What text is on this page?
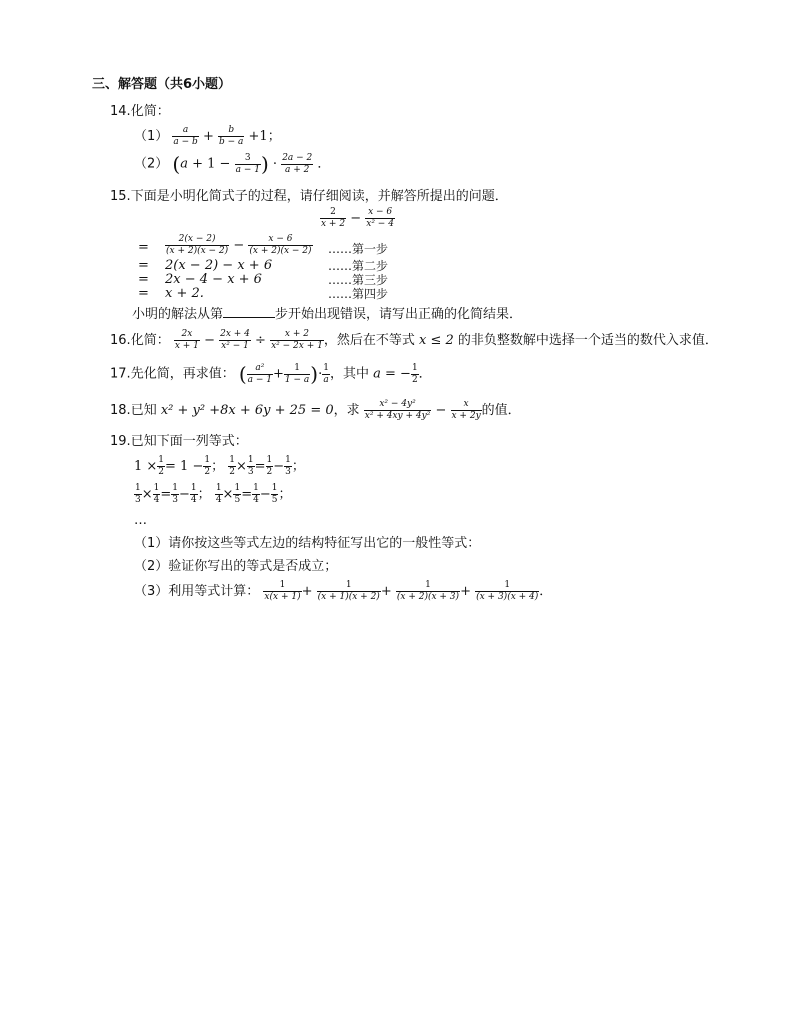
三、解答题（共6小题）
14.化简：
$(1) \frac{a}{a - b} + \frac{b}{b - a} +1$；
（2） ($a + 1 - \frac{3}{a - 1}$ ) · $\frac{2a - 2}{a + 2}$ ．
15.下面是小明化简式子的过程，请仔细阅读，并解答所提出的问题．
$\frac{2}{x + 2} - \frac{x - 6}{\text{x² − 4}}$
= $\frac{2(x - 2)}{(x + 2)(x - 2)} - \frac{x - 6}{(x + 2)(x - 2)}$ ……第一步
= 2(x − 2) − x + 6	……第二步
= 2x − 4 − x + 6	……第三步
= x + 2.	……第四步
小明的解法从第	步开始出现错误，请写出正确的化简结果．
16.化简： $\frac{2x}{x + 1} - \frac{2x + 4}{\text{x² − 1}} \div \frac{x + 2}{\text{x² − 2x + 1}}$ ，然后在不等式 x ≤ 2 的非负整数解中选择一个适当的数代入求值．
17.先化简，再求值： ( $\frac{\text{a²}}{a - 1} + \frac{1}{1 - a}$ )· $\frac{1}{a}$ ，其中 a = − $\frac{1}{2}$ ．
18.已知 x² + y² +8x + 6y + 25 = 0，求 $\frac{\text{x² − 4y²}}{\text{x² + 4xy + 4y²}} - \frac{x}{x + 2y}$ 的值．
19.已知下面一列等式：
$1 \times \frac{1}{2} = 1 - \frac{1}{2}$ ； $\frac{1}{2} \times \frac{1}{3} = \frac{1}{2} - \frac{1}{3}$ ；
$\frac{1}{3} \times \frac{1}{4} = \frac{1}{3} - \frac{1}{4}$ ； $\frac{1}{4} \times \frac{1}{5} = \frac{1}{4} - \frac{1}{5}$ ；
…
（1）请你按这些等式左边的结构特征写出它的一般性等式：
（2）验证你写出的等式是否成立；
（3）利用等式计算： $\frac{1}{x(x + 1)} + \frac{1}{(x + 1)(x + 2)} + \frac{1}{(x + 2)(x + 3)} + \frac{1}{(x + 3)(x + 4)}$ ．
